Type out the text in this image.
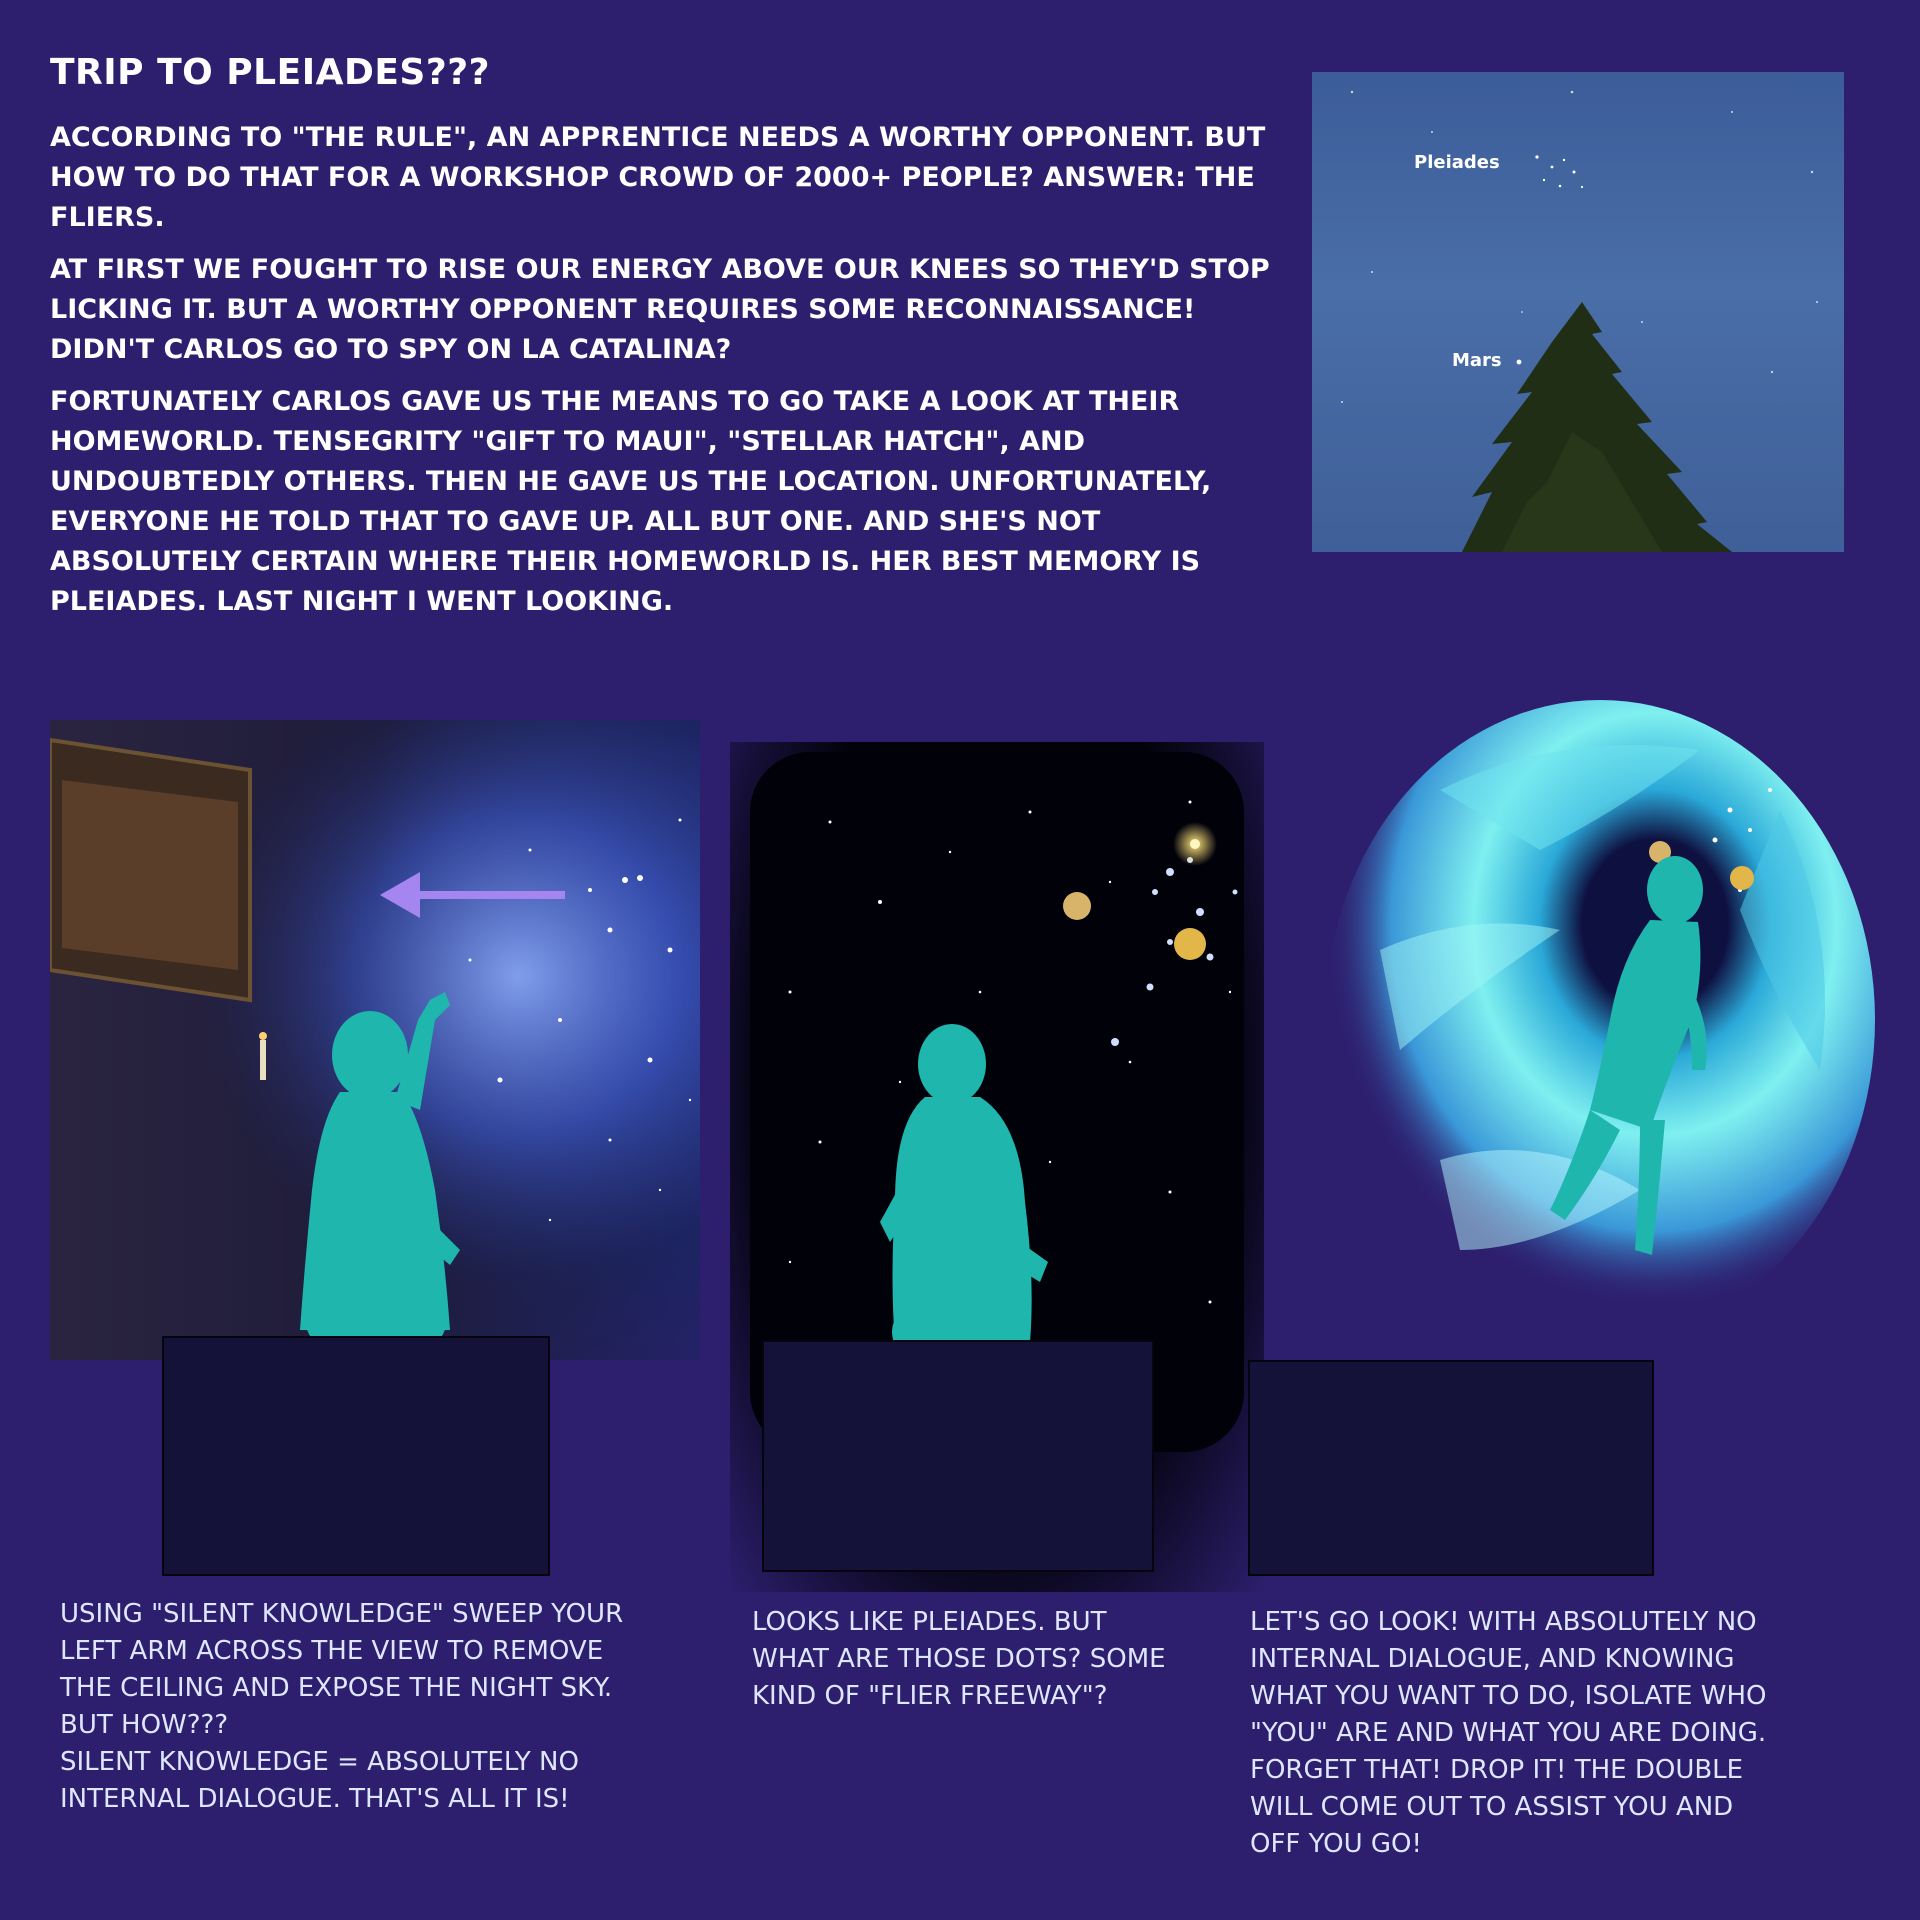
TRIP TO PLEIADES???

ACCORDING TO "THE RULE", AN APPRENTICE NEEDS A WORTHY OPPONENT. BUT HOW TO DO THAT FOR A WORKSHOP CROWD OF 2000+ PEOPLE? ANSWER: THE FLIERS.

AT FIRST WE FOUGHT TO RISE OUR ENERGY ABOVE OUR KNEES SO THEY'D STOP LICKING IT. BUT A WORTHY OPPONENT REQUIRES SOME RECONNAISSANCE! DIDN'T CARLOS GO TO SPY ON LA CATALINA?

FORTUNATELY CARLOS GAVE US THE MEANS TO GO TAKE A LOOK AT THEIR HOMEWORLD. TENSEGRITY "GIFT TO MAUI", "STELLAR HATCH", AND UNDOUBTEDLY OTHERS. THEN HE GAVE US THE LOCATION. UNFORTUNATELY, EVERYONE HE TOLD THAT TO GAVE UP. ALL BUT ONE. AND SHE'S NOT ABSOLUTELY CERTAIN WHERE THEIR HOMEWORLD IS. HER BEST MEMORY IS PLEIADES. LAST NIGHT I WENT LOOKING.

Pleiades
Mars
USING "SILENT KNOWLEDGE" SWEEP YOUR
LEFT ARM ACROSS THE VIEW TO REMOVE
THE CEILING AND EXPOSE THE NIGHT SKY.
BUT HOW???
SILENT KNOWLEDGE = ABSOLUTELY NO
INTERNAL DIALOGUE. THAT'S ALL IT IS!
LOOKS LIKE PLEIADES. BUT
WHAT ARE THOSE DOTS? SOME
KIND OF "FLIER FREEWAY"?
LET'S GO LOOK! WITH ABSOLUTELY NO
INTERNAL DIALOGUE, AND KNOWING
WHAT YOU WANT TO DO, ISOLATE WHO
"YOU" ARE AND WHAT YOU ARE DOING.
FORGET THAT! DROP IT! THE DOUBLE
WILL COME OUT TO ASSIST YOU AND
OFF YOU GO!
